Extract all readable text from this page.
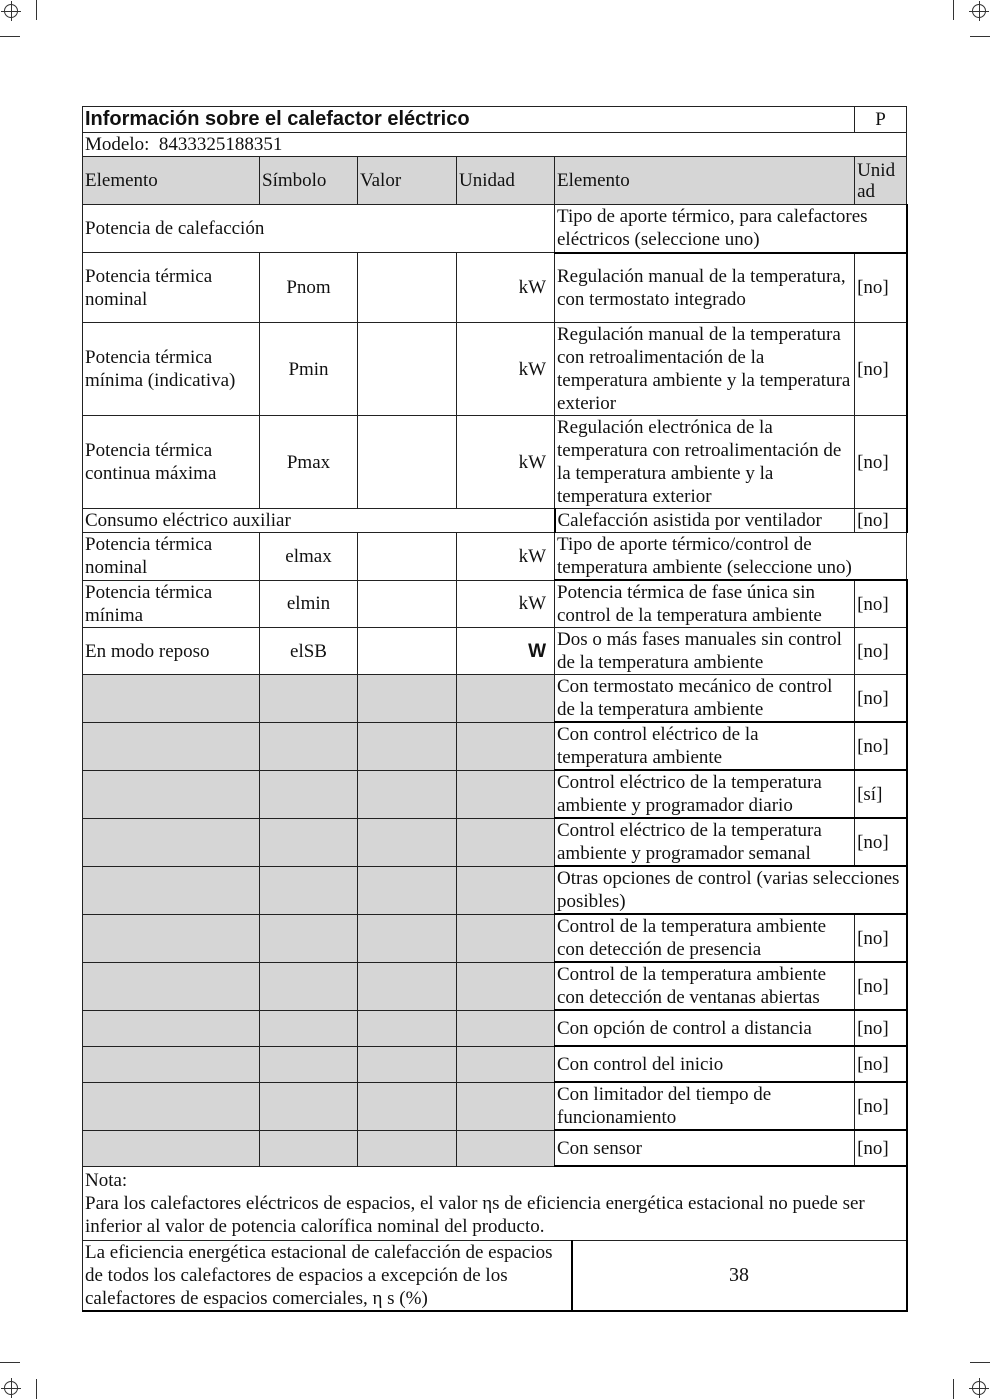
Información sobre el calefactor eléctrico					P
Modelo: 8433325188351					
Elemento	Símbolo	Valor	Unidad	Elemento	Unid ad
Potencia de calefacción				Tipo de aporte térmico, para calefactores eléctricos (seleccione uno)	
Potencia térmica nominal	Pnom		kW	Regulación manual de la temperatura, con termostato integrado	[no]
Potencia térmica mínima (indicativa)	Pmin		kW	Regulación manual de la temperatura con retroalimentación de la temperatura ambiente y la temperatura exterior	[no]
Potencia térmica continua máxima	Pmax		kW	Regulación electrónica de la temperatura con retroalimentación de la temperatura ambiente y la temperatura exterior	[no]
Consumo eléctrico auxiliar				Calefacción asistida por ventilador	[no]
Potencia térmica nominal	elmax		kW	Tipo de aporte térmico/control de temperatura ambiente (seleccione uno)	
Potencia térmica mínima	elmin		kW	Potencia térmica de fase única sin control de la temperatura ambiente	[no]
En modo reposo	elSB		W	Dos o más fases manuales sin control de la temperatura ambiente	[no]
				Con termostato mecánico de control de la temperatura ambiente	[no]
				Con control eléctrico de la temperatura ambiente	[no]
				Control eléctrico de la temperatura ambiente y programador diario	[sí]
				Control eléctrico de la temperatura ambiente y programador semanal	[no]
				Otras opciones de control (varias selecciones posibles)	
				Control de la temperatura ambiente con detección de presencia	[no]
				Control de la temperatura ambiente con detección de ventanas abiertas	[no]
				Con opción de control a distancia	[no]
				Con control del inicio	[no]
				Con limitador del tiempo de funcionamiento	[no]
				Con sensor	[no]

Nota:
Para los calefactores eléctricos de espacios, el valor ηs de eficiencia energética estacional no puede ser inferior al valor de potencia calorífica nominal del producto.					
La eficiencia energética estacional de calefacción de espacios de todos los calefactores de espacios a excepción de los calefactores de espacios comerciales, η s (%)	38
